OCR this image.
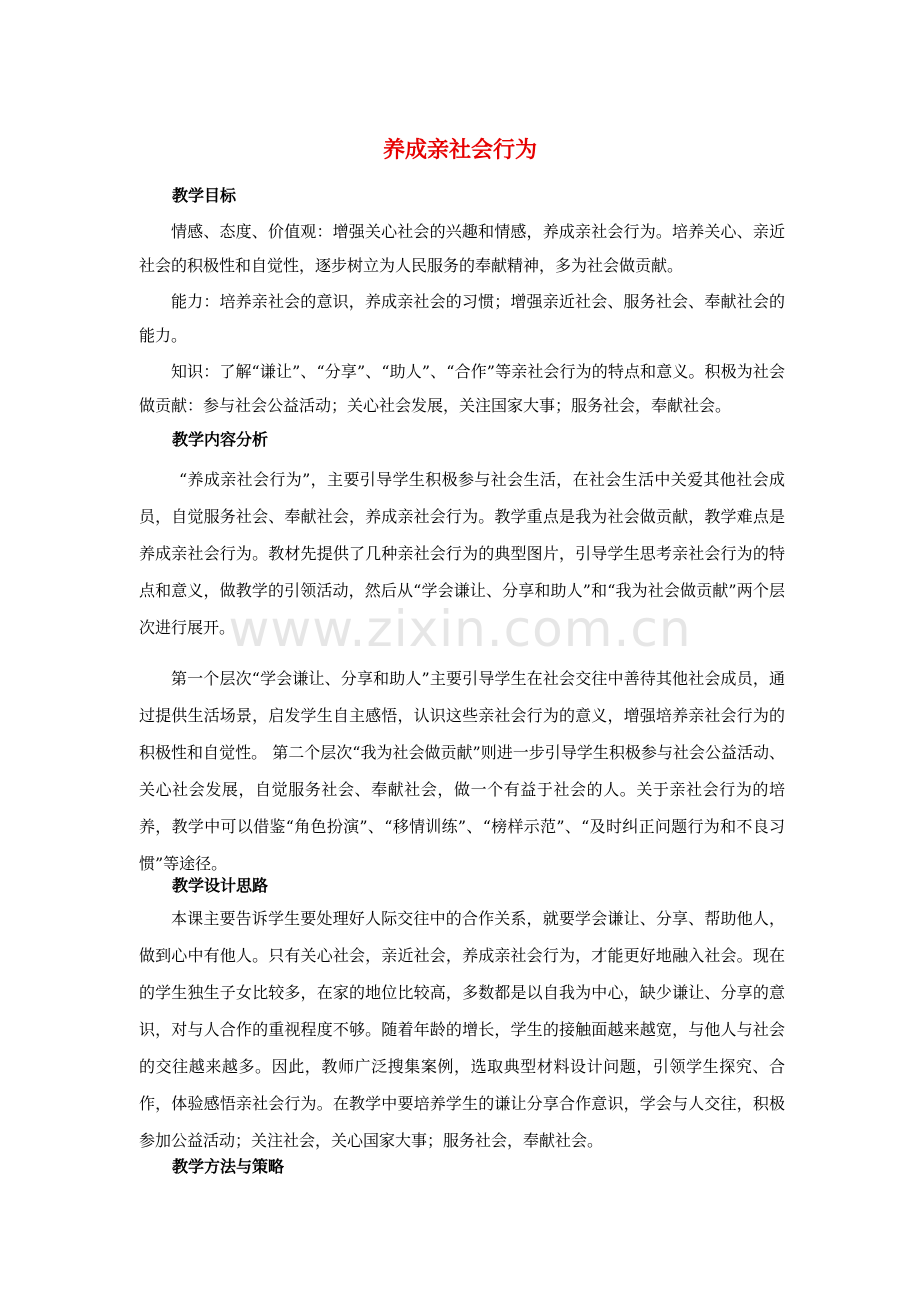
www.zixin.com.cn
养成亲社会行为
教学目标

情感、态度、价值观：增强关心社会的兴趣和情感，养成亲社会行为。培养关心、亲近社会的积极性和自觉性，逐步树立为人民服务的奉献精神，多为社会做贡献。

能力：培养亲社会的意识，养成亲社会的习惯；增强亲近社会、服务社会、奉献社会的能力。

知识：了解“谦让”、“分享”、“助人”、“合作”等亲社会行为的特点和意义。积极为社会做贡献：参与社会公益活动；关心社会发展，关注国家大事；服务社会，奉献社会。

教学内容分析

“养成亲社会行为”，主要引导学生积极参与社会生活，在社会生活中关爱其他社会成员，自觉服务社会、奉献社会，养成亲社会行为。教学重点是我为社会做贡献，教学难点是养成亲社会行为。教材先提供了几种亲社会行为的典型图片，引导学生思考亲社会行为的特点和意义，做教学的引领活动，然后从“学会谦让、分享和助人”和“我为社会做贡献”两个层次进行展开。

第一个层次“学会谦让、分享和助人”主要引导学生在社会交往中善待其他社会成员，通过提供生活场景，启发学生自主感悟，认识这些亲社会行为的意义，增强培养亲社会行为的积极性和自觉性。 第二个层次“我为社会做贡献”则进一步引导学生积极参与社会公益活动、关心社会发展，自觉服务社会、奉献社会，做一个有益于社会的人。关于亲社会行为的培养，教学中可以借鉴“角色扮演”、“移情训练”、“榜样示范”、“及时纠正问题行为和不良习惯”等途径。

教学设计思路

本课主要告诉学生要处理好人际交往中的合作关系，就要学会谦让、分享、帮助他人，做到心中有他人。只有关心社会，亲近社会，养成亲社会行为，才能更好地融入社会。现在的学生独生子女比较多，在家的地位比较高，多数都是以自我为中心，缺少谦让、分享的意识，对与人合作的重视程度不够。随着年龄的增长，学生的接触面越来越宽，与他人与社会的交往越来越多。因此，教师广泛搜集案例，选取典型材料设计问题，引领学生探究、合作，体验感悟亲社会行为。在教学中要培养学生的谦让分享合作意识，学会与人交往，积极参加公益活动；关注社会，关心国家大事；服务社会，奉献社会。

教学方法与策略
